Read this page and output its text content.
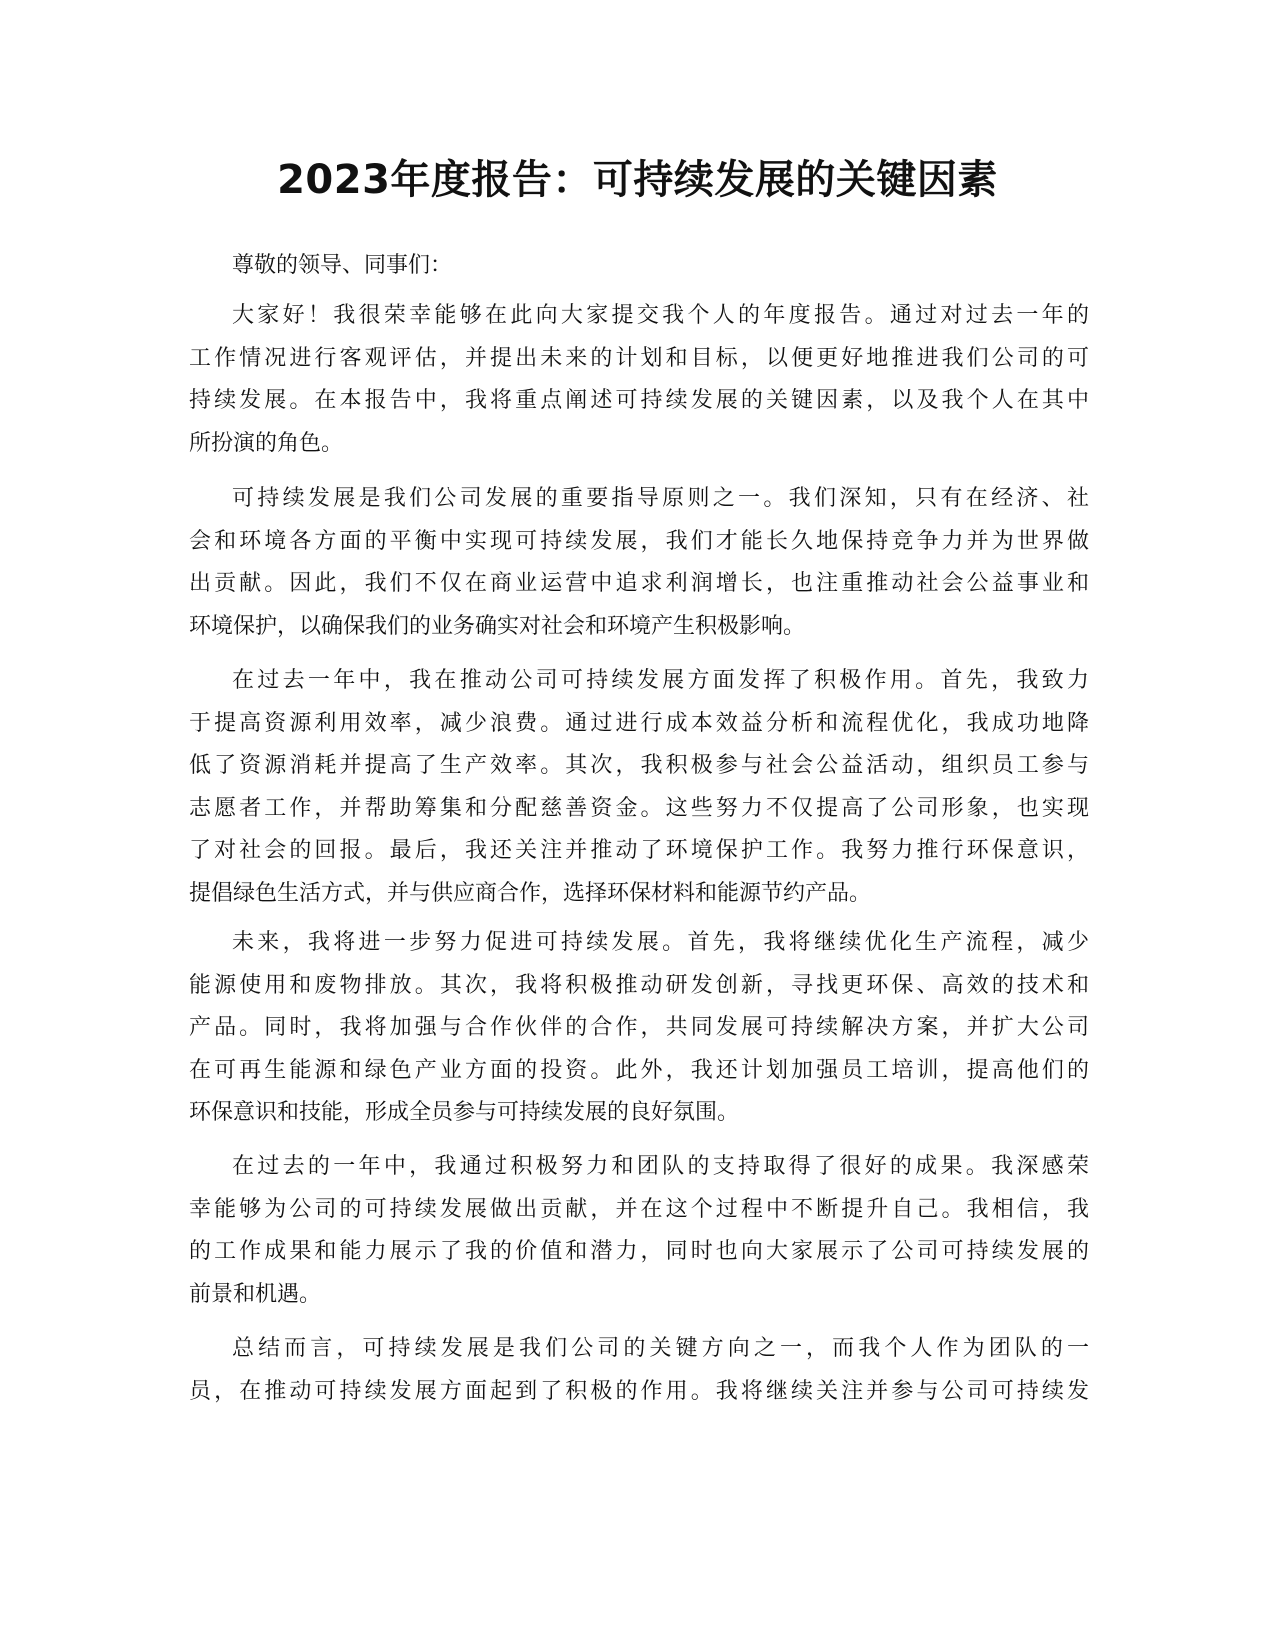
2023年度报告：可持续发展的关键因素

尊敬的领导、同事们：

大家好！我很荣幸能够在此向大家提交我个人的年度报告。通过对过去一年的
工作情况进行客观评估，并提出未来的计划和目标，以便更好地推进我们公司的可
持续发展。在本报告中，我将重点阐述可持续发展的关键因素，以及我个人在其中
所扮演的角色。
可持续发展是我们公司发展的重要指导原则之一。我们深知，只有在经济、社
会和环境各方面的平衡中实现可持续发展，我们才能长久地保持竞争力并为世界做
出贡献。因此，我们不仅在商业运营中追求利润增长，也注重推动社会公益事业和
环境保护，以确保我们的业务确实对社会和环境产生积极影响。
在过去一年中，我在推动公司可持续发展方面发挥了积极作用。首先，我致力
于提高资源利用效率，减少浪费。通过进行成本效益分析和流程优化，我成功地降
低了资源消耗并提高了生产效率。其次，我积极参与社会公益活动，组织员工参与
志愿者工作，并帮助筹集和分配慈善资金。这些努力不仅提高了公司形象，也实现
了对社会的回报。最后，我还关注并推动了环境保护工作。我努力推行环保意识，
提倡绿色生活方式，并与供应商合作，选择环保材料和能源节约产品。
未来，我将进一步努力促进可持续发展。首先，我将继续优化生产流程，减少
能源使用和废物排放。其次，我将积极推动研发创新，寻找更环保、高效的技术和
产品。同时，我将加强与合作伙伴的合作，共同发展可持续解决方案，并扩大公司
在可再生能源和绿色产业方面的投资。此外，我还计划加强员工培训，提高他们的
环保意识和技能，形成全员参与可持续发展的良好氛围。
在过去的一年中，我通过积极努力和团队的支持取得了很好的成果。我深感荣
幸能够为公司的可持续发展做出贡献，并在这个过程中不断提升自己。我相信，我
的工作成果和能力展示了我的价值和潜力，同时也向大家展示了公司可持续发展的
前景和机遇。
总结而言，可持续发展是我们公司的关键方向之一，而我个人作为团队的一
员，在推动可持续发展方面起到了积极的作用。我将继续关注并参与公司可持续发
